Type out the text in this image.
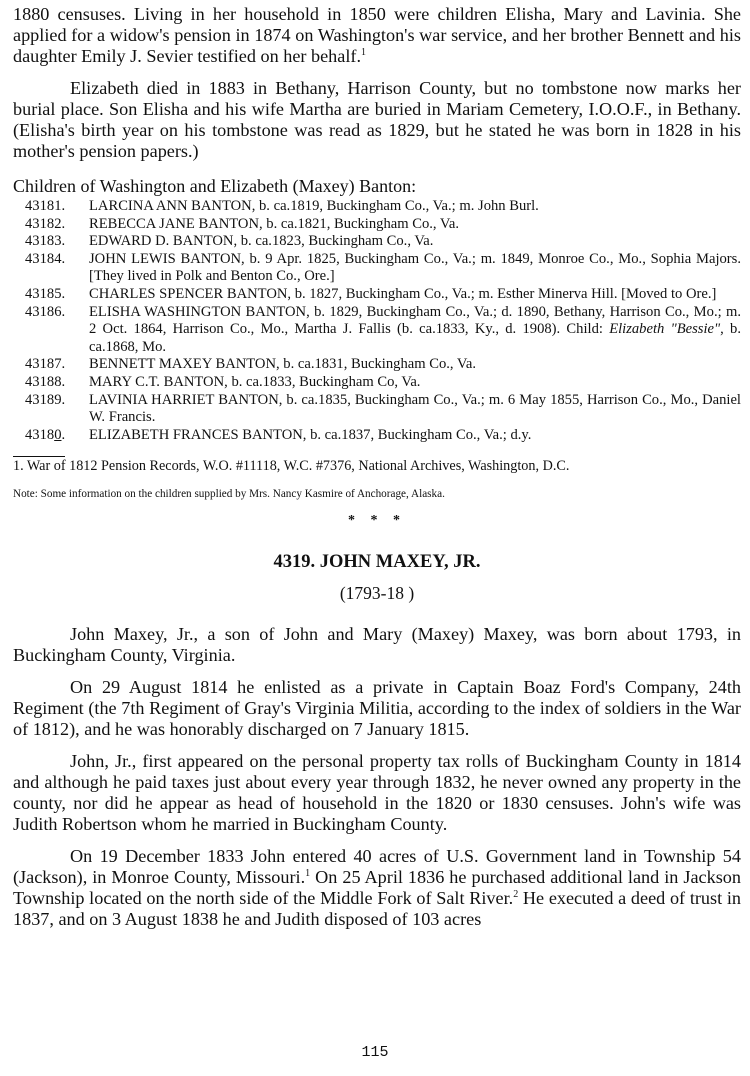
1880 censuses. Living in her household in 1850 were children Elisha, Mary and Lavinia. She applied for a widow's pension in 1874 on Washington's war service, and her brother Bennett and his daughter Emily J. Sevier testified on her behalf.$^1$

Elizabeth died in 1883 in Bethany, Harrison County, but no tombstone now marks her burial place. Son Elisha and his wife Martha are buried in Mariam Cemetery, I.O.O.F., in Bethany. (Elisha's birth year on his tombstone was read as 1829, but he stated he was born in 1828 in his mother's pension papers.)

Children of Washington and Elizabeth (Maxey) Banton:
43181.	LARCINA ANN BANTON, b. ca.1819, Buckingham Co., Va.; m. John Burl.
43182.	REBECCA JANE BANTON, b. ca.1821, Buckingham Co., Va.
43183.	EDWARD D. BANTON, b. ca.1823, Buckingham Co., Va.
43184.	JOHN LEWIS BANTON, b. 9 Apr. 1825, Buckingham Co., Va.; m. 1849, Monroe Co., Mo., Sophia Majors. [They lived in Polk and Benton Co., Ore.]
43185.	CHARLES SPENCER BANTON, b. 1827, Buckingham Co., Va.; m. Esther Minerva Hill. [Moved to Ore.]
43186.	ELISHA WASHINGTON BANTON, b. 1829, Buckingham Co., Va.; d. 1890, Bethany, Harrison Co., Mo.; m. 2 Oct. 1864, Harrison Co., Mo., Martha J. Fallis (b. ca.1833, Ky., d. 1908). Child: Elizabeth "Bessie", b. ca.1868, Mo.
43187.	BENNETT MAXEY BANTON, b. ca.1831, Buckingham Co., Va.
43188.	MARY C.T. BANTON, b. ca.1833, Buckingham Co, Va.
43189.	LAVINIA HARRIET BANTON, b. ca.1835, Buckingham Co., Va.; m. 6 May 1855, Harrison Co., Mo., Daniel W. Francis.
43180.	ELIZABETH FRANCES BANTON, b. ca.1837, Buckingham Co., Va.; d.y.
1. War of 1812 Pension Records, W.O. #11118, W.C. #7376, National Archives, Washington, D.C.
Note: Some information on the children supplied by Mrs. Nancy Kasmire of Anchorage, Alaska.
* * *
4319. JOHN MAXEY, JR.
(1793-18 )

John Maxey, Jr., a son of John and Mary (Maxey) Maxey, was born about 1793, in Buckingham County, Virginia.

On 29 August 1814 he enlisted as a private in Captain Boaz Ford's Company, 24th Regiment (the 7th Regiment of Gray's Virginia Militia, according to the index of soldiers in the War of 1812), and he was honorably discharged on 7 January 1815.

John, Jr., first appeared on the personal property tax rolls of Buckingham County in 1814 and although he paid taxes just about every year through 1832, he never owned any property in the county, nor did he appear as head of household in the 1820 or 1830 censuses. John's wife was Judith Robertson whom he married in Buckingham County.

On 19 December 1833 John entered 40 acres of U.S. Government land in Township 54 (Jackson), in Monroe County, Missouri.$^1$ On 25 April 1836 he purchased additional land in Jackson Township located on the north side of the Middle Fork of Salt River.$^2$ He executed a deed of trust in 1837, and on 3 August 1838 he and Judith disposed of 103 acres

115
